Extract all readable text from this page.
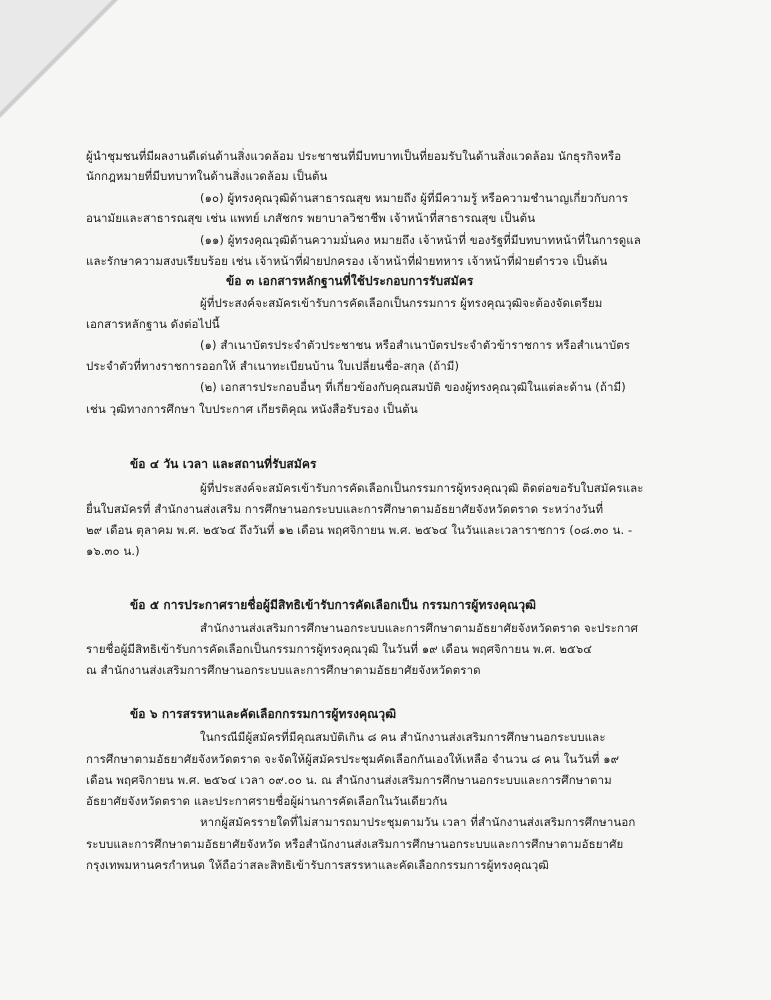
ผู้นำชุมชนที่มีผลงานดีเด่นด้านสิ่งแวดล้อม ประชาชนที่มีบทบาทเป็นที่ยอมรับในด้านสิ่งแวดล้อม นักธุรกิจหรือ
นักกฎหมายที่มีบทบาทในด้านสิ่งแวดล้อม เป็นต้น
(๑๐) ผู้ทรงคุณวุฒิด้านสาธารณสุข หมายถึง ผู้ที่มีความรู้ หรือความชำนาญเกี่ยวกับการ
อนามัยและสาธารณสุข เช่น แพทย์ เภสัชกร พยาบาลวิชาชีพ เจ้าหน้าที่สาธารณสุข เป็นต้น
(๑๑) ผู้ทรงคุณวุฒิด้านความมั่นคง หมายถึง เจ้าหน้าที่ ของรัฐที่มีบทบาทหน้าที่ในการดูแล
และรักษาความสงบเรียบร้อย เช่น เจ้าหน้าที่ฝ่ายปกครอง เจ้าหน้าที่ฝ่ายทหาร เจ้าหน้าที่ฝ่ายตำรวจ เป็นต้น
ข้อ ๓ เอกสารหลักฐานที่ใช้ประกอบการรับสมัคร
ผู้ที่ประสงค์จะสมัครเข้ารับการคัดเลือกเป็นกรรมการ ผู้ทรงคุณวุฒิจะต้องจัดเตรียม
เอกสารหลักฐาน ดังต่อไปนี้
(๑) สำเนาบัตรประจำตัวประชาชน หรือสำเนาบัตรประจำตัวข้าราชการ หรือสำเนาบัตร
ประจำตัวที่ทางราชการออกให้ สำเนาทะเบียนบ้าน ใบเปลี่ยนชื่อ-สกุล (ถ้ามี)
(๒) เอกสารประกอบอื่นๆ ที่เกี่ยวข้องกับคุณสมบัติ ของผู้ทรงคุณวุฒิในแต่ละด้าน (ถ้ามี)
เช่น วุฒิทางการศึกษา ใบประกาศ เกียรติคุณ หนังสือรับรอง เป็นต้น
ข้อ ๔ วัน เวลา และสถานที่รับสมัคร
ผู้ที่ประสงค์จะสมัครเข้ารับการคัดเลือกเป็นกรรมการผู้ทรงคุณวุฒิ ติดต่อขอรับใบสมัครและ
ยื่นใบสมัครที่ สำนักงานส่งเสริม การศึกษานอกระบบและการศึกษาตามอัธยาศัยจังหวัดตราด ระหว่างวันที่
๒๙ เดือน ตุลาคม พ.ศ. ๒๕๖๔ ถึงวันที่ ๑๒ เดือน พฤศจิกายน พ.ศ. ๒๕๖๔ ในวันและเวลาราชการ (๐๘.๓๐ น. -
๑๖.๓๐ น.)
ข้อ ๕ การประกาศรายชื่อผู้มีสิทธิเข้ารับการคัดเลือกเป็น กรรมการผู้ทรงคุณวุฒิ
สำนักงานส่งเสริมการศึกษานอกระบบและการศึกษาตามอัธยาศัยจังหวัดตราด จะประกาศ
รายชื่อผู้มีสิทธิเข้ารับการคัดเลือกเป็นกรรมการผู้ทรงคุณวุฒิ ในวันที่ ๑๙ เดือน พฤศจิกายน พ.ศ. ๒๕๖๔
ณ สำนักงานส่งเสริมการศึกษานอกระบบและการศึกษาตามอัธยาศัยจังหวัดตราด
ข้อ ๖ การสรรหาและคัดเลือกกรรมการผู้ทรงคุณวุฒิ
ในกรณีมีผู้สมัครที่มีคุณสมบัติเกิน ๘ คน สำนักงานส่งเสริมการศึกษานอกระบบและ
การศึกษาตามอัธยาศัยจังหวัดตราด จะจัดให้ผู้สมัครประชุมคัดเลือกกันเองให้เหลือ จำนวน ๘ คน ในวันที่ ๑๙
เดือน พฤศจิกายน พ.ศ. ๒๕๖๔ เวลา ๐๙.๐๐ น. ณ สำนักงานส่งเสริมการศึกษานอกระบบและการศึกษาตาม
อัธยาศัยจังหวัดตราด และประกาศรายชื่อผู้ผ่านการคัดเลือกในวันเดียวกัน
หากผู้สมัครรายใดที่ไม่สามารถมาประชุมตามวัน เวลา ที่สำนักงานส่งเสริมการศึกษานอก
ระบบและการศึกษาตามอัธยาศัยจังหวัด หรือสำนักงานส่งเสริมการศึกษานอกระบบและการศึกษาตามอัธยาศัย
กรุงเทพมหานครกำหนด ให้ถือว่าสละสิทธิเข้ารับการสรรหาและคัดเลือกกรรมการผู้ทรงคุณวุฒิ
